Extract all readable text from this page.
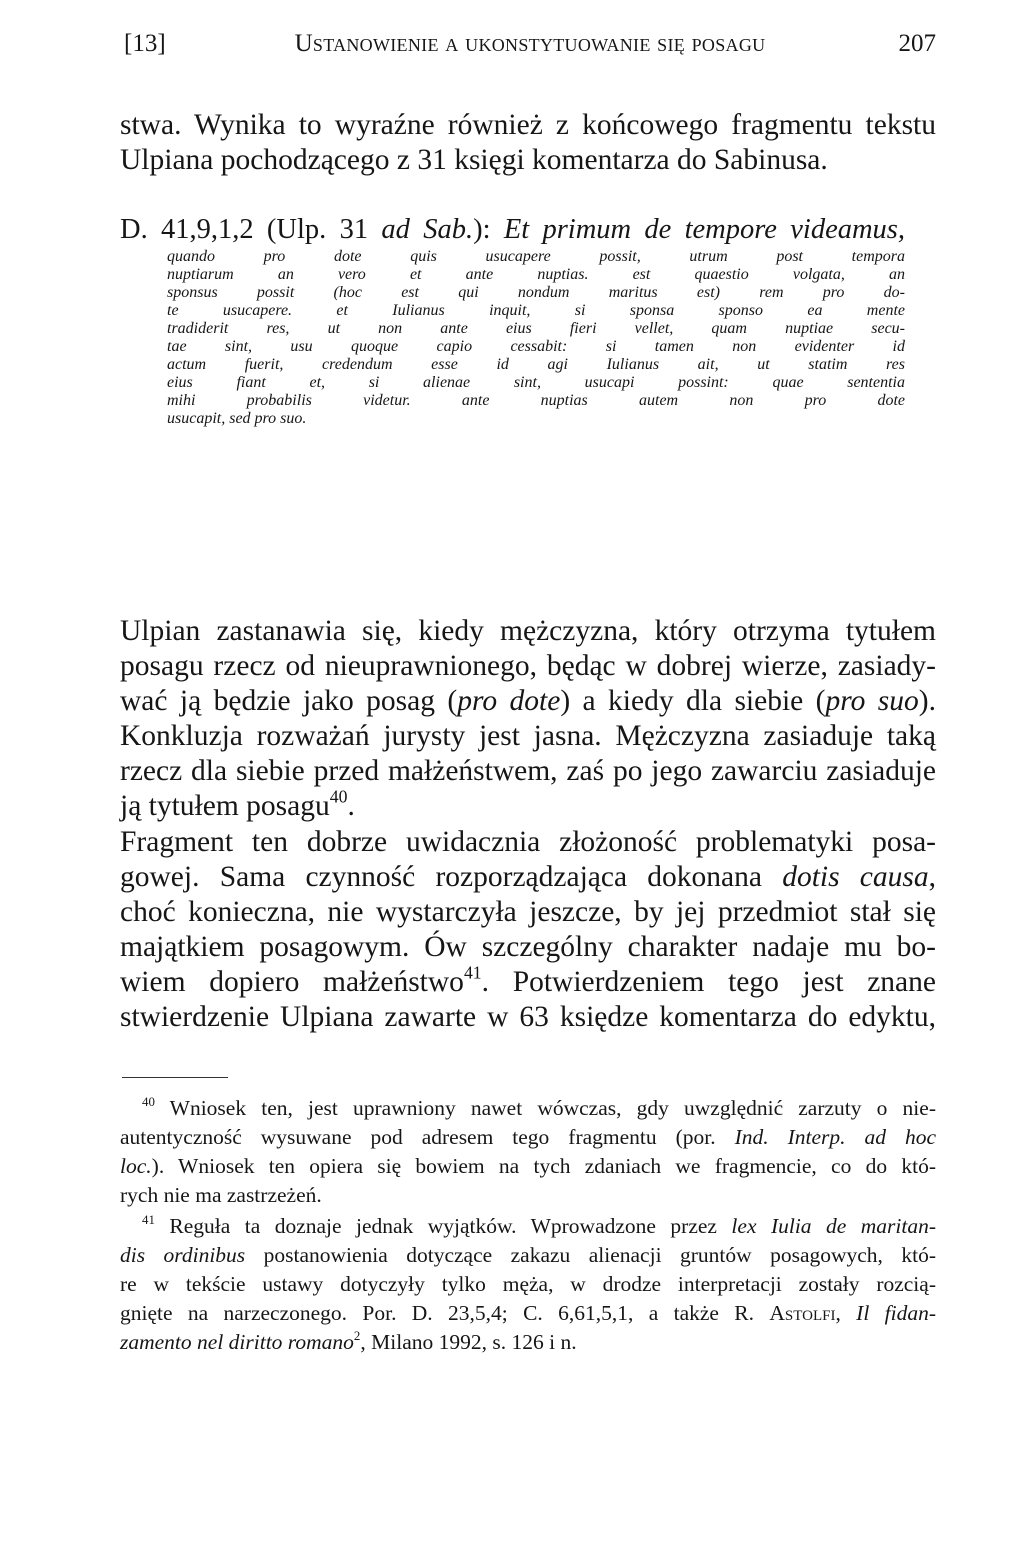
[13]	Ustanowienie a ukonstytuowanie się posagu	207
stwa. Wynika to wyraźne również z końcowego fragmentu tekstu
Ulpiana pochodzącego z 31 księgi komentarza do Sabinusa.
D. 41,9,1,2 (Ulp. 31 ad Sab.): Et primum de tempore videamus,
quando pro dote quis usucapere possit, utrum post tempora
nuptiarum an vero et ante nuptias. est quaestio volgata, an
sponsus possit (hoc est qui nondum maritus est) rem pro do-
te usucapere. et Iulianus inquit, si sponsa sponso ea mente
tradiderit res, ut non ante eius fieri vellet, quam nuptiae secu-
tae sint, usu quoque capio cessabit: si tamen non evidenter id
actum fuerit, credendum esse id agi Iulianus ait, ut statim res
eius fiant et, si alienae sint, usucapi possint: quae sententia
mihi probabilis videtur. ante nuptias autem non pro dote
usucapit, sed pro suo.
Ulpian zastanawia się, kiedy mężczyzna, który otrzyma tytułem
posagu rzecz od nieuprawnionego, będąc w dobrej wierze, zasiady-
wać ją będzie jako posag (pro dote) a kiedy dla siebie (pro suo).
Konkluzja rozważań jurysty jest jasna. Mężczyzna zasiaduje taką
rzecz dla siebie przed małżeństwem, zaś po jego zawarciu zasiaduje
ją tytułem posagu$^{40}$.
Fragment ten dobrze uwidacznia złożoność problematyki posa-
gowej. Sama czynność rozporządzająca dokonana dotis causa,
choć konieczna, nie wystarczyła jeszcze, by jej przedmiot stał się
majątkiem posagowym. Ów szczególny charakter nadaje mu bo-
wiem dopiero małżeństwo$^{41}$. Potwierdzeniem tego jest znane
stwierdzenie Ulpiana zawarte w 63 księdze komentarza do edyktu,
$^{40}$ Wniosek ten, jest uprawniony nawet wówczas, gdy uwzględnić zarzuty o nie-
autentyczność wysuwane pod adresem tego fragmentu (por. Ind. Interp. ad hoc
loc.). Wniosek ten opiera się bowiem na tych zdaniach we fragmencie, co do któ-
rych nie ma zastrzeżeń.
$^{41}$ Reguła ta doznaje jednak wyjątków. Wprowadzone przez lex Iulia de maritan-
dis ordinibus postanowienia dotyczące zakazu alienacji gruntów posagowych, któ-
re w tekście ustawy dotyczyły tylko męża, w drodze interpretacji zostały rozcią-
gnięte na narzeczonego. Por. D. 23,5,4; C. 6,61,5,1, a także R. Astolfi, Il fidan-
zamento nel diritto romano$^2$, Milano 1992, s. 126 i n.
